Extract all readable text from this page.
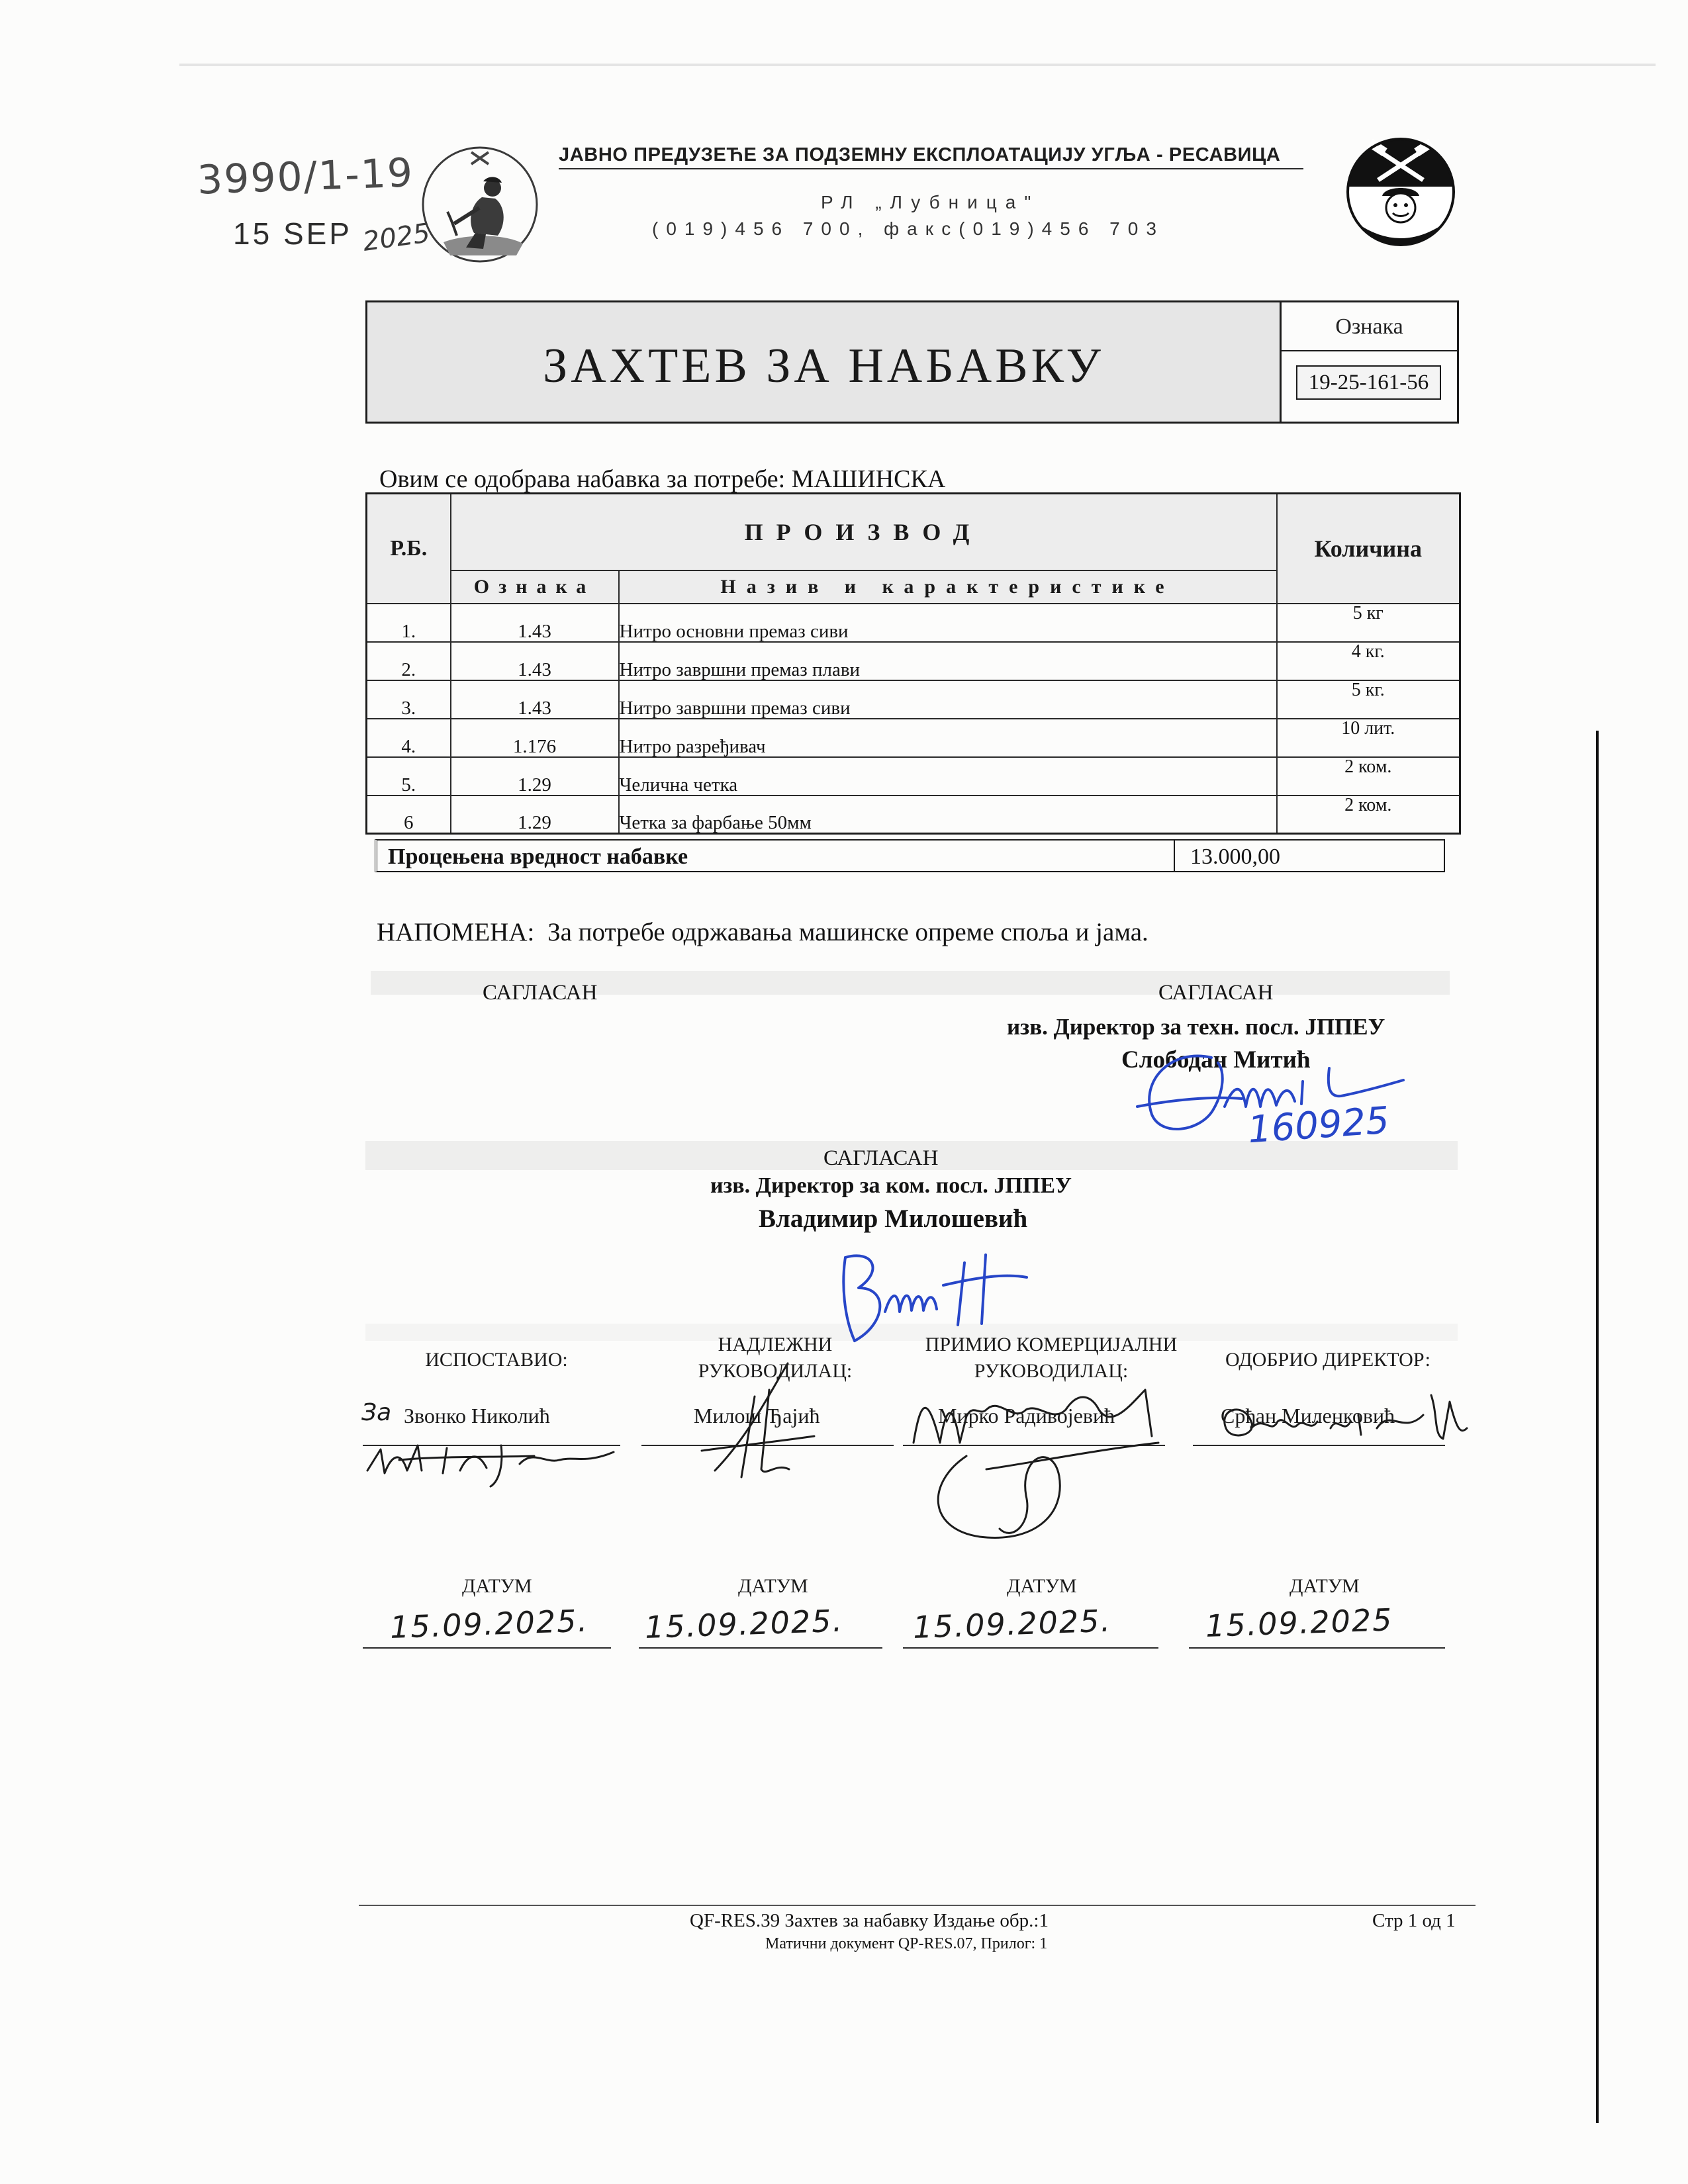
3990/1-19
15 SEP 2025
ЈАВНО ПРЕДУЗЕЋЕ ЗА ПОДЗЕМНУ ЕКСПЛОАТАЦИЈУ УГЉА - РЕСАВИЦА
РЛ „Лубница"
(019)456 700, факс(019)456 703
ЗАХТЕВ ЗА НАБАВКУ
Ознака
19-25-161-56
Овим се одобрава набавка за потребе: МАШИНСКА
Р.Б.	ПРОИЗВОД		Количина
	Ознака	Назив и карактеристике	
1.	1.43	Нитро основни премаз сиви	5 кг
2.	1.43	Нитро завршни премаз плави	4 кг.
3.	1.43	Нитро завршни премаз сиви	5 кг.
4.	1.176	Нитро разређивач	10 лит.
5.	1.29	Челична четка	2 ком.
6	1.29	Четка за фарбање 50мм	2 ком.
Процењена вредност набавке	13.000,00
НАПОМЕНА: За потребе одржавања машинске опреме споља и јама.
САГЛАСАН	САГЛАСАН
изв. Директор за техн. посл. ЈППЕУ
Слободан Митић
160925
САГЛАСАН
изв. Директор за ком. посл. ЈППЕУ
Владимир Милошевић
ИСПОСТАВИО:
НАДЛЕЖНИ
РУКОВОДИЛАЦ:
ПРИМИО КОМЕРЦИЈАЛНИ
РУКОВОДИЛАЦ:
ОДОБРИО ДИРЕКТОР:
За Звонко Николић	Милош Ђајић	Мирко Радивојевић	Срђан Миленковић
ДАТУМ	ДАТУМ	ДАТУМ	ДАТУМ
15.09.2025. 15.09.2025. 15.09.2025.	15.09.2025
QF-RES.39 Захтев за набавку Издање обр.:1	Стр 1 од 1
Матични документ QP-RES.07, Прилог: 1
